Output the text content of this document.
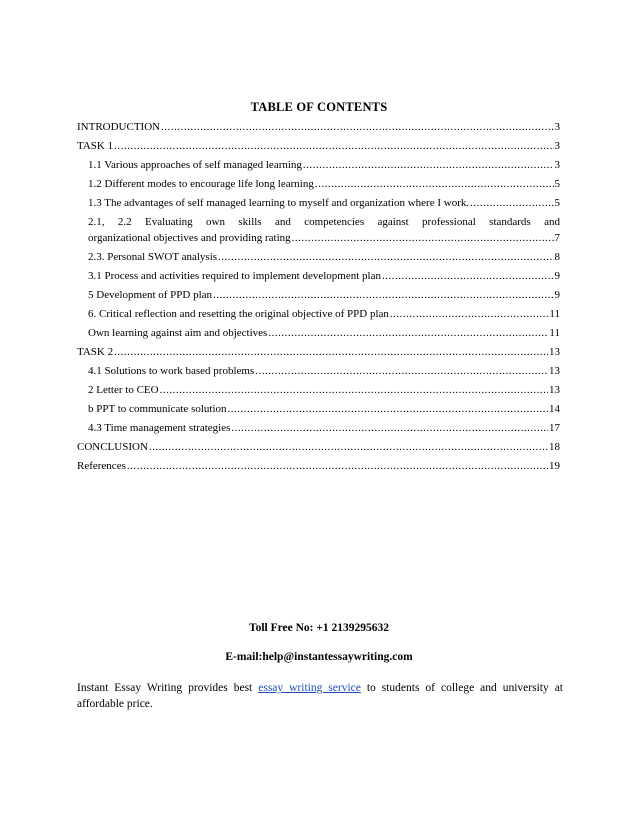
TABLE OF CONTENTS
INTRODUCTION .....	3
TASK 1 .....	3
1.1 Various approaches of self managed learning .....	3
1.2 Different modes to encourage life long learning .....	5
1.3 The advantages of self managed learning to myself and organization where I work. .....	5
2.1, 2.2 Evaluating own skills and competencies against professional standards and
organizational objectives and providing rating .....	7
2.3. Personal SWOT analysis .....	8
3.1 Process and activities required to implement development plan .....	9
5 Development of PPD plan .....	9
6. Critical reflection and resetting the original objective of PPD plan .....	11
Own learning against aim and objectives .....	11
TASK 2 .....	13
4.1 Solutions to work based problems .....	13
2 Letter to CEO .....	13
b PPT to communicate solution .....	14
4.3 Time management strategies .....	17
CONCLUSION .....	18
References .....	19
Toll Free No: +1 2139295632
E-mail:help@instantessaywriting.com
Instant Essay Writing provides best essay writing service to students of college and university at affordable price.
